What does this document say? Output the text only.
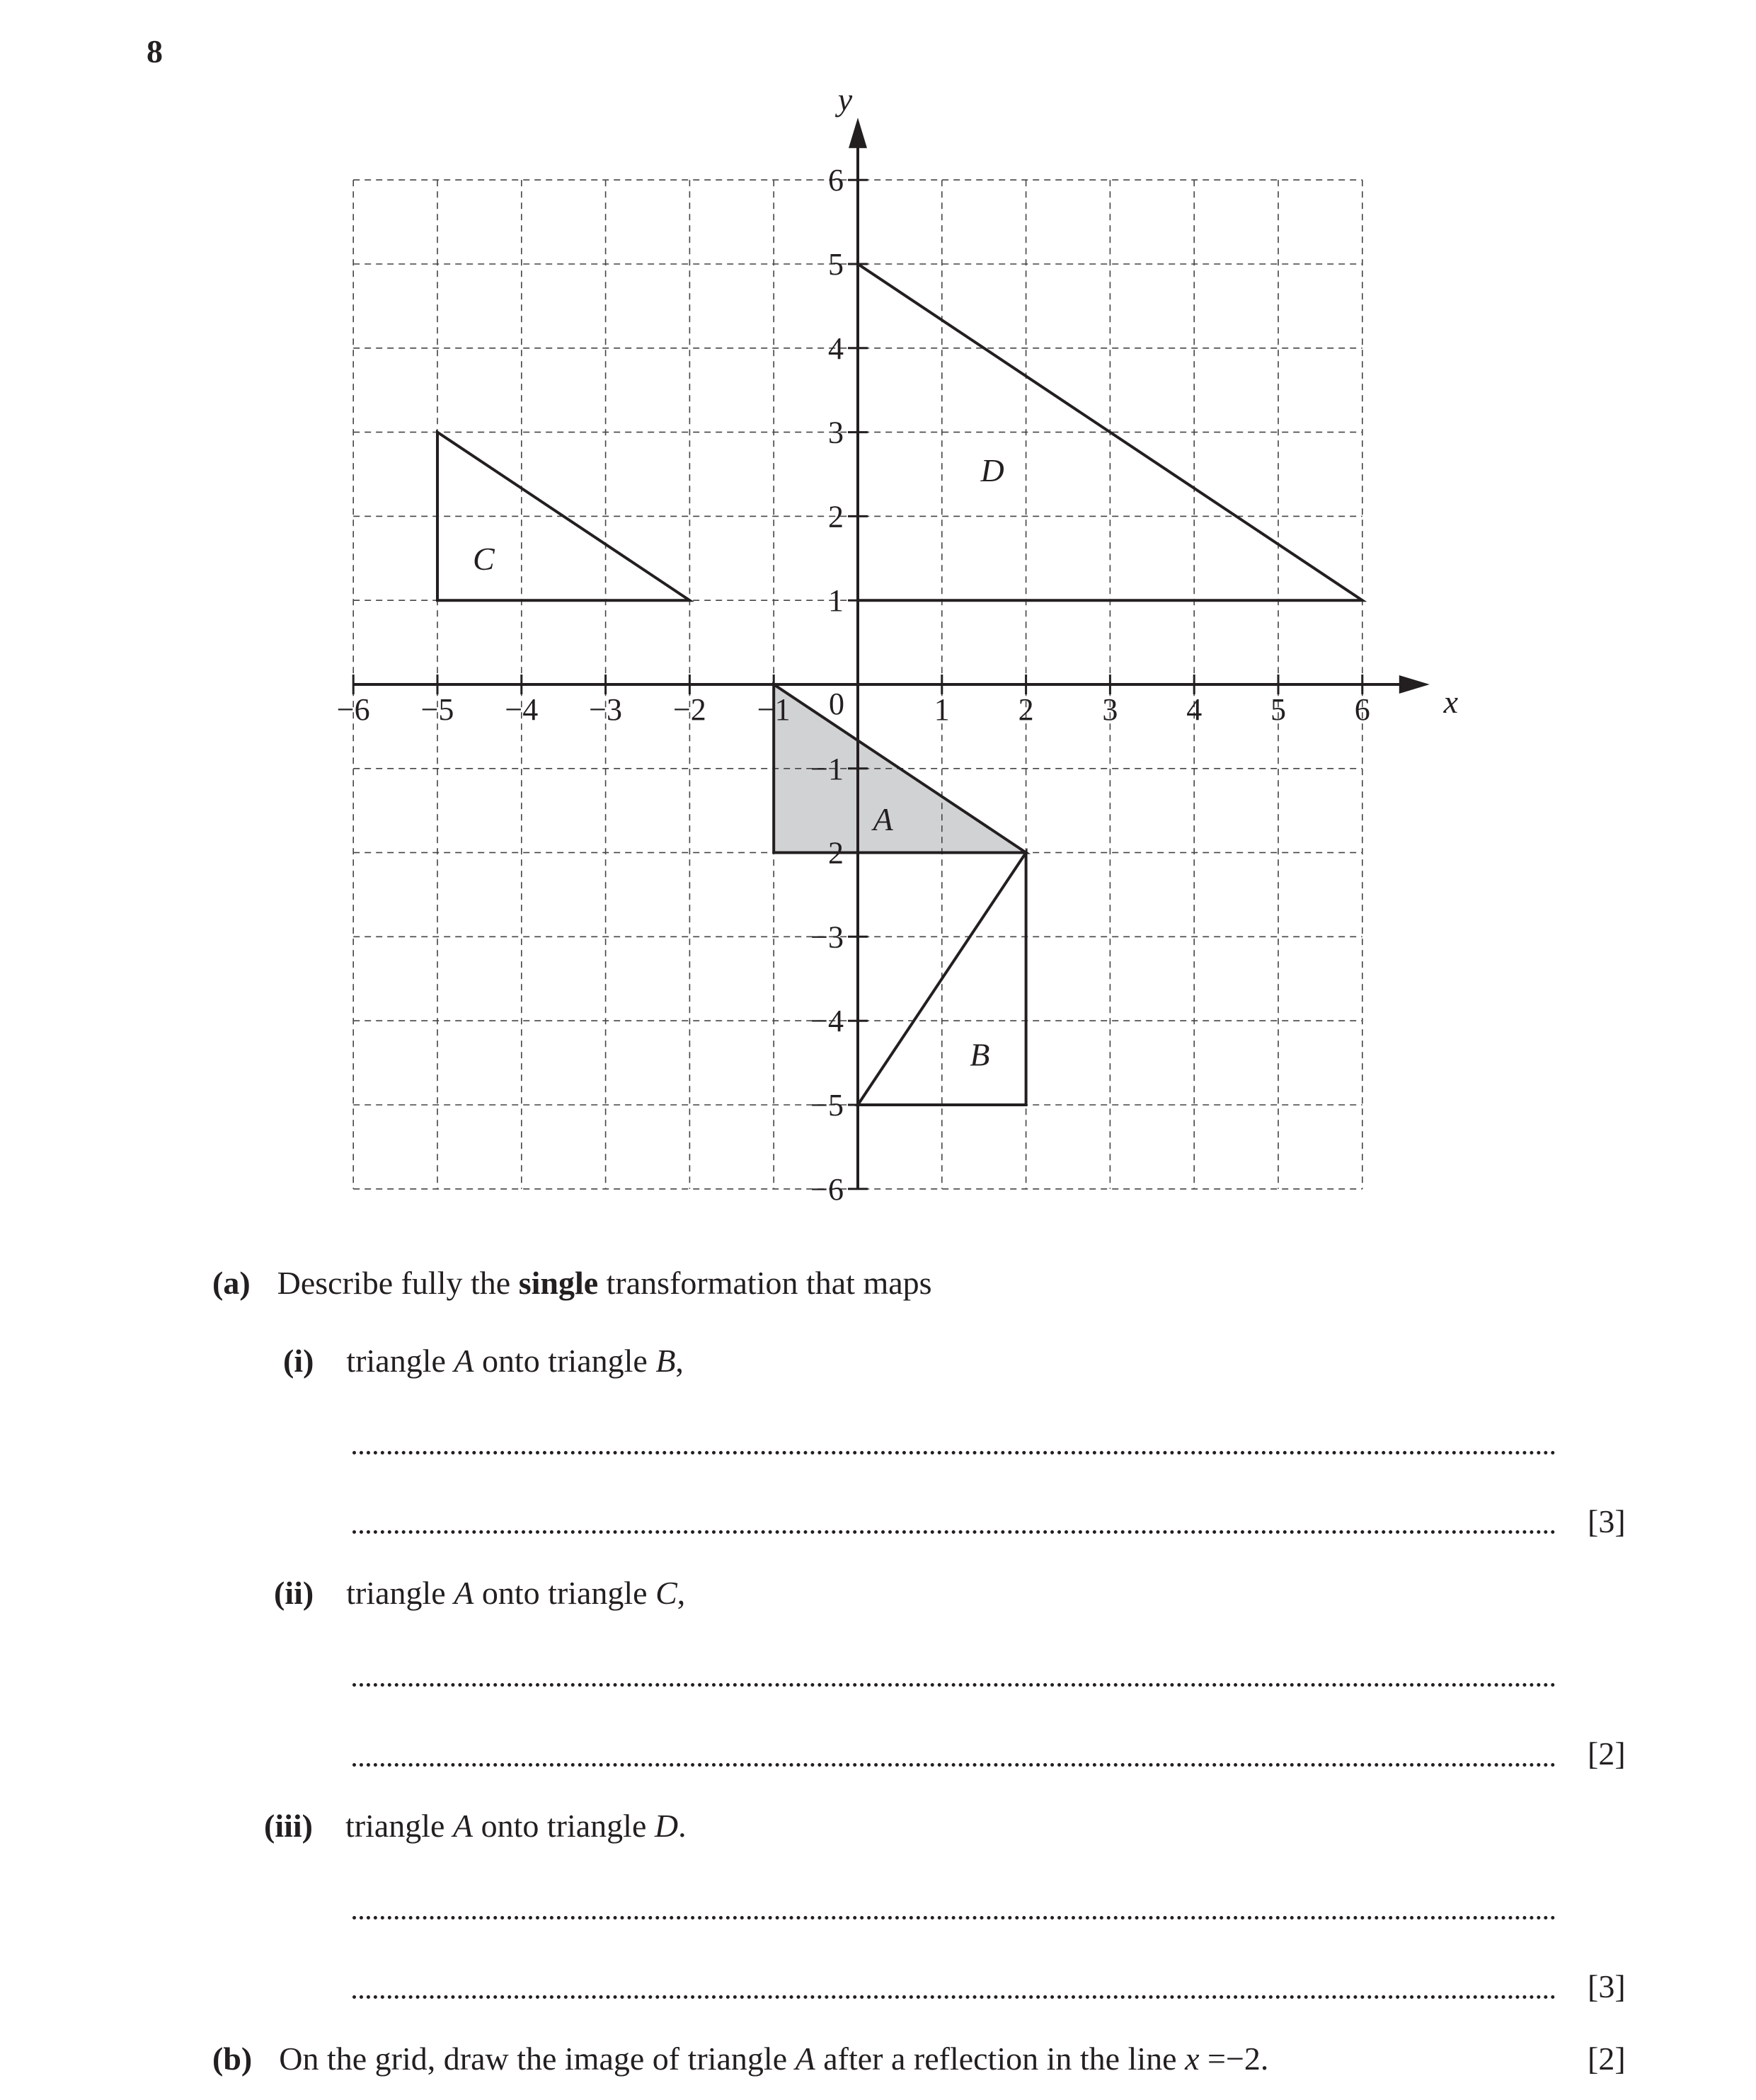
8
−6 −5 −4 −3 −2 −1	1 2 3 4 5 6
6
5
4
3
2
1
−1
−2
−3
−4
−5
−6
0	x
y
A
B
C
D
(a) Describe fully the single transformation that maps
(i) triangle A onto triangle B,
[3]
(ii) triangle A onto triangle C,
[2]
(iii) triangle A onto triangle D.
[3]
(b) On the grid, draw the image of triangle A after a reflection in the line x =−2.	[2]
